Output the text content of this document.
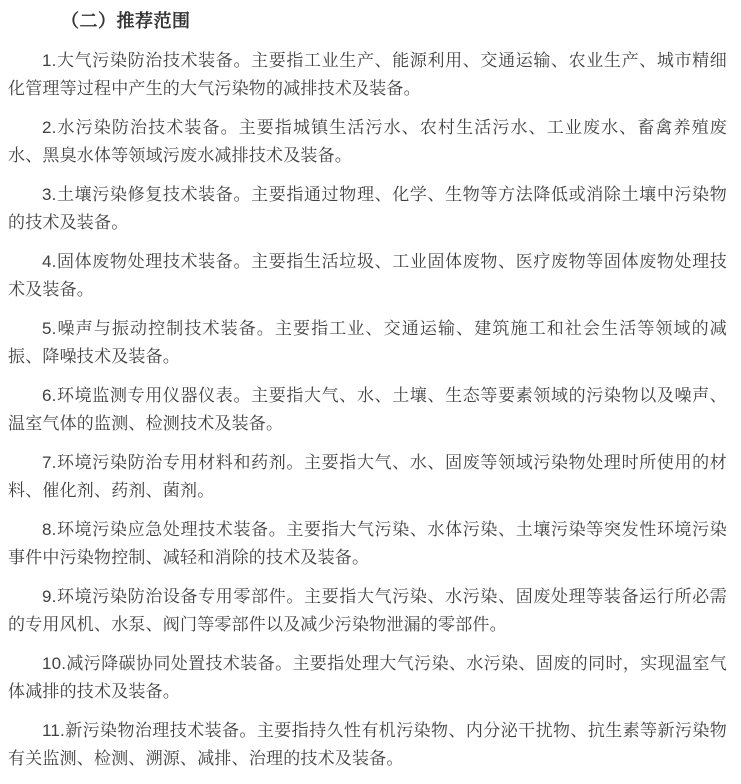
（二）推荐范围

1.大气污染防治技术装备。主要指工业生产、能源利用、交通运输、农业生产、城市精细化管理等过程中产生的大气污染物的减排技术及装备。

2.水污染防治技术装备。主要指城镇生活污水、农村生活污水、工业废水、畜禽养殖废水、黑臭水体等领域污废水减排技术及装备。

3.土壤污染修复技术装备。主要指通过物理、化学、生物等方法降低或消除土壤中污染物的技术及装备。

4.固体废物处理技术装备。主要指生活垃圾、工业固体废物、医疗废物等固体废物处理技术及装备。

5.噪声与振动控制技术装备。主要指工业、交通运输、建筑施工和社会生活等领域的减振、降噪技术及装备。

6.环境监测专用仪器仪表。主要指大气、水、土壤、生态等要素领域的污染物以及噪声、温室气体的监测、检测技术及装备。

7.环境污染防治专用材料和药剂。主要指大气、水、固废等领域污染物处理时所使用的材料、催化剂、药剂、菌剂。

8.环境污染应急处理技术装备。主要指大气污染、水体污染、土壤污染等突发性环境污染事件中污染物控制、减轻和消除的技术及装备。

9.环境污染防治设备专用零部件。主要指大气污染、水污染、固废处理等装备运行所必需的专用风机、水泵、阀门等零部件以及减少污染物泄漏的零部件。

10.减污降碳协同处置技术装备。主要指处理大气污染、水污染、固废的同时，实现温室气体减排的技术及装备。

11.新污染物治理技术装备。主要指持久性有机污染物、内分泌干扰物、抗生素等新污染物有关监测、检测、溯源、减排、治理的技术及装备。
